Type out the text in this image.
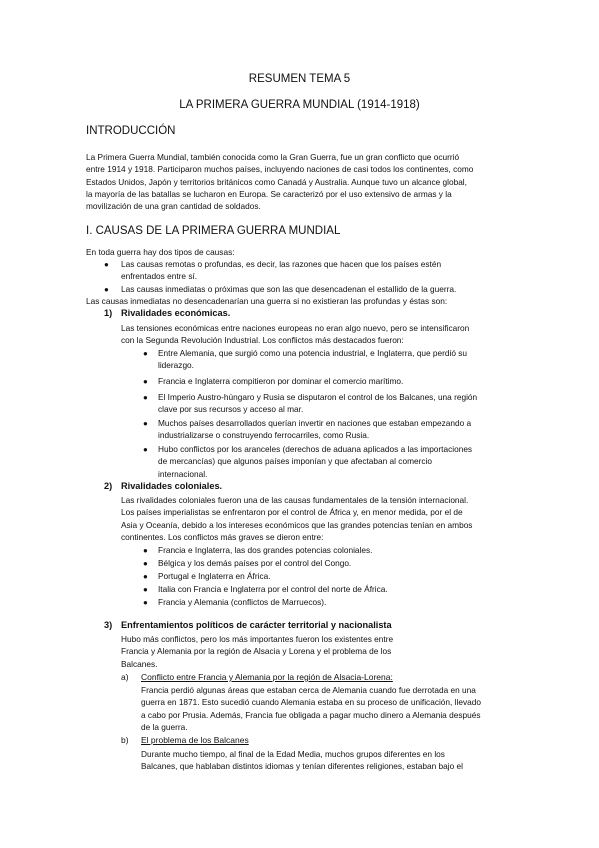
RESUMEN TEMA 5
LA PRIMERA GUERRA MUNDIAL (1914-1918)
INTRODUCCIÓN
La Primera Guerra Mundial, también conocida como la Gran Guerra, fue un gran conflicto que ocurrió
entre 1914 y 1918. Participaron muchos países, incluyendo naciones de casi todos los continentes, como
Estados Unidos, Japón y territorios británicos como Canadá y Australia. Aunque tuvo un alcance global,
la mayoría de las batallas se lucharon en Europa. Se caracterizó por el uso extensivo de armas y la
movilización de una gran cantidad de soldados.
I. CAUSAS DE LA PRIMERA GUERRA MUNDIAL
En toda guerra hay dos tipos de causas:
● Las causas remotas o profundas, es decir, las razones que hacen que los países estén
enfrentados entre sí.
● Las causas inmediatas o próximas que son las que desencadenan el estallido de la guerra.
Las causas inmediatas no desencadenarían una guerra si no existieran las profundas y éstas son:
1) Rivalidades económicas.
Las tensiones económicas entre naciones europeas no eran algo nuevo, pero se intensificaron
con la Segunda Revolución Industrial. Los conflictos más destacados fueron:
● Entre Alemania, que surgió como una potencia industrial, e Inglaterra, que perdió su
liderazgo.
● Francia e Inglaterra compitieron por dominar el comercio marítimo.
● El Imperio Austro-húngaro y Rusia se disputaron el control de los Balcanes, una región
clave por sus recursos y acceso al mar.
● Muchos países desarrollados querían invertir en naciones que estaban empezando a
industrializarse o construyendo ferrocarriles, como Rusia.
● Hubo conflictos por los aranceles (derechos de aduana aplicados a las importaciones
de mercancías) que algunos países imponían y que afectaban al comercio
internacional.
2) Rivalidades coloniales.
Las rivalidades coloniales fueron una de las causas fundamentales de la tensión internacional.
Los países imperialistas se enfrentaron por el control de África y, en menor medida, por el de
Asia y Oceanía, debido a los intereses económicos que las grandes potencias tenían en ambos
continentes. Los conflictos más graves se dieron entre:
● Francia e Inglaterra, las dos grandes potencias coloniales.
● Bélgica y los demás países por el control del Congo.
● Portugal e Inglaterra en África.
● Italia con Francia e Inglaterra por el control del norte de África.
● Francia y Alemania (conflictos de Marruecos).
3) Enfrentamientos políticos de carácter territorial y nacionalista
Hubo más conflictos, pero los más importantes fueron los existentes entre
Francia y Alemania por la región de Alsacia y Lorena y el problema de los
Balcanes.
a) Conflicto entre Francia y Alemania por la región de Alsacia-Lorena:
Francia perdió algunas áreas que estaban cerca de Alemania cuando fue derrotada en una
guerra en 1871. Esto sucedió cuando Alemania estaba en su proceso de unificación, llevado
a cabo por Prusia. Además, Francia fue obligada a pagar mucho dinero a Alemania después
de la guerra.
b) El problema de los Balcanes
Durante mucho tiempo, al final de la Edad Media, muchos grupos diferentes en los
Balcanes, que hablaban distintos idiomas y tenían diferentes religiones, estaban bajo el
